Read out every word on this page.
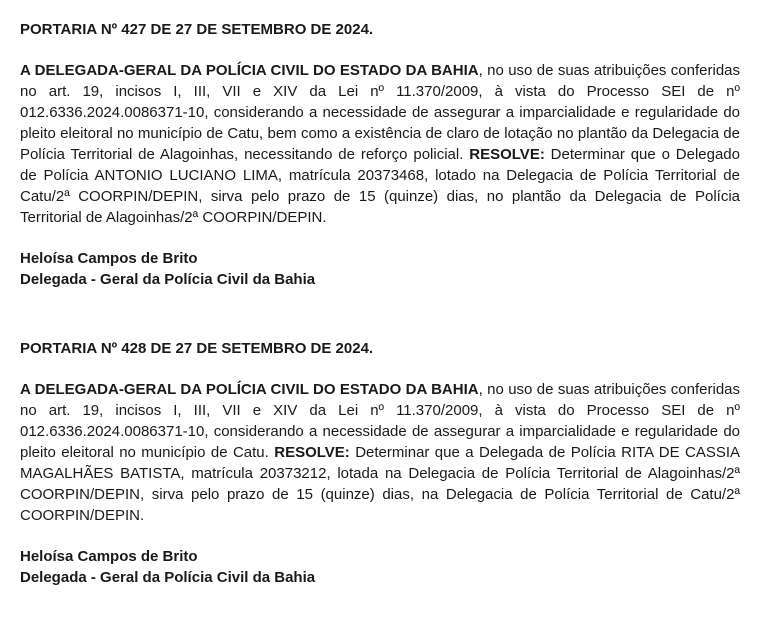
PORTARIA Nº 427 DE 27 DE SETEMBRO DE 2024.
A DELEGADA-GERAL DA POLÍCIA CIVIL DO ESTADO DA BAHIA, no uso de suas atribuições conferidas no art. 19, incisos I, III, VII e XIV da Lei nº 11.370/2009, à vista do Processo SEI de nº 012.6336.2024.0086371-10, considerando a necessidade de assegurar a imparcialidade e regularidade do pleito eleitoral no município de Catu, bem como a existência de claro de lotação no plantão da Delegacia de Polícia Territorial de Alagoinhas, necessitando de reforço policial. RESOLVE: Determinar que o Delegado de Polícia ANTONIO LUCIANO LIMA, matrícula 20373468, lotado na Delegacia de Polícia Territorial de Catu/2ª COORPIN/DEPIN, sirva pelo prazo de 15 (quinze) dias, no plantão da Delegacia de Polícia Territorial de Alagoinhas/2ª COORPIN/DEPIN.
Heloísa Campos de Brito
Delegada - Geral da Polícia Civil da Bahia
PORTARIA Nº 428 DE 27 DE SETEMBRO DE 2024.
A DELEGADA-GERAL DA POLÍCIA CIVIL DO ESTADO DA BAHIA, no uso de suas atribuições conferidas no art. 19, incisos I, III, VII e XIV da Lei nº 11.370/2009, à vista do Processo SEI de nº 012.6336.2024.0086371-10, considerando a necessidade de assegurar a imparcialidade e regularidade do pleito eleitoral no município de Catu. RESOLVE: Determinar que a Delegada de Polícia RITA DE CASSIA MAGALHÃES BATISTA, matrícula 20373212, lotada na Delegacia de Polícia Territorial de Alagoinhas/2ª COORPIN/DEPIN, sirva pelo prazo de 15 (quinze) dias, na Delegacia de Polícia Territorial de Catu/2ª COORPIN/DEPIN.
Heloísa Campos de Brito
Delegada - Geral da Polícia Civil da Bahia
